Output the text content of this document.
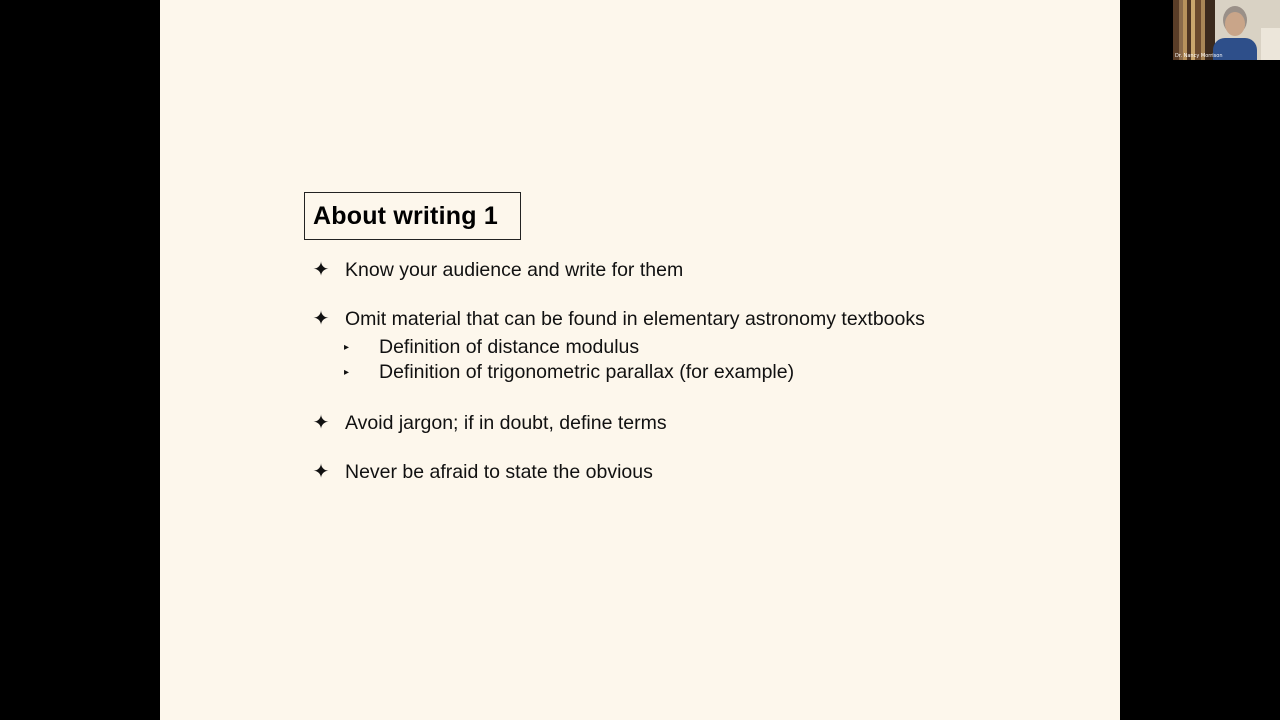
About writing 1
✦ Know your audience and write for them
✦ Omit material that can be found in elementary astronomy textbooks
▸ Definition of distance modulus
▸ Definition of trigonometric parallax (for example)
✦ Avoid jargon; if in doubt, define terms
✦ Never be afraid to state the obvious
Dr. Nancy Morrison
